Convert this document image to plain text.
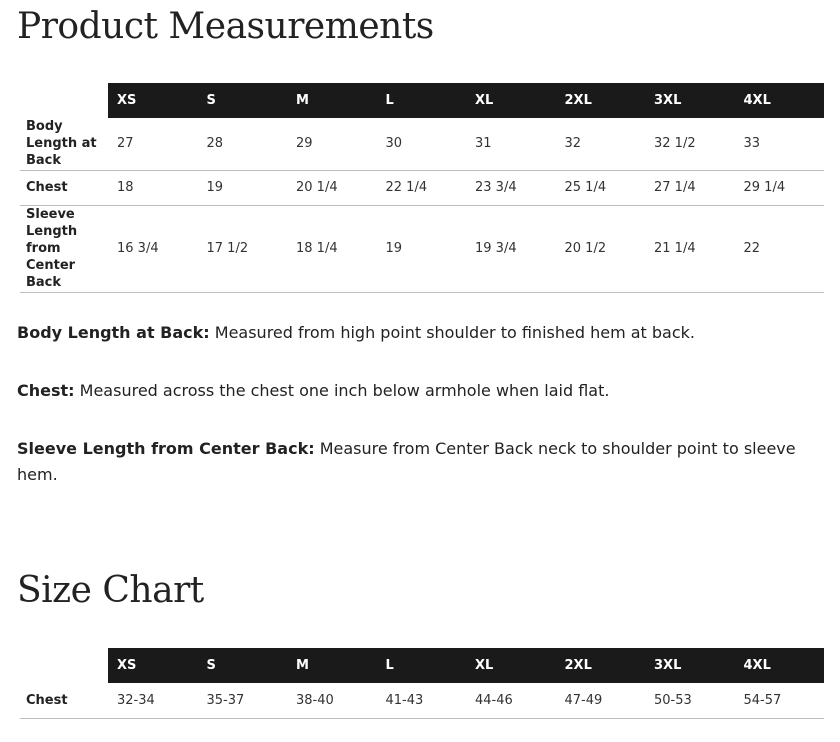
Product Measurements
	XS	S	M	L	XL	2XL	3XL	4XL
Body Length at Back	27	28	29	30	31	32	32 1/2	33
Chest	18	19	20 1/4	22 1/4	23 3/4	25 1/4	27 1/4	29 1/4
Sleeve Length from Center Back	16 3/4	17 1/2	18 1/4	19	19 3/4	20 1/2	21 1/4	22

Body Length at Back: Measured from high point shoulder to finished hem at back.

Chest: Measured across the chest one inch below armhole when laid flat.

Sleeve Length from Center Back: Measure from Center Back neck to shoulder point to sleeve hem.

Size Chart
	XS	S	M	L	XL	2XL	3XL	4XL
Chest	32-34	35-37	38-40	41-43	44-46	47-49	50-53	54-57
